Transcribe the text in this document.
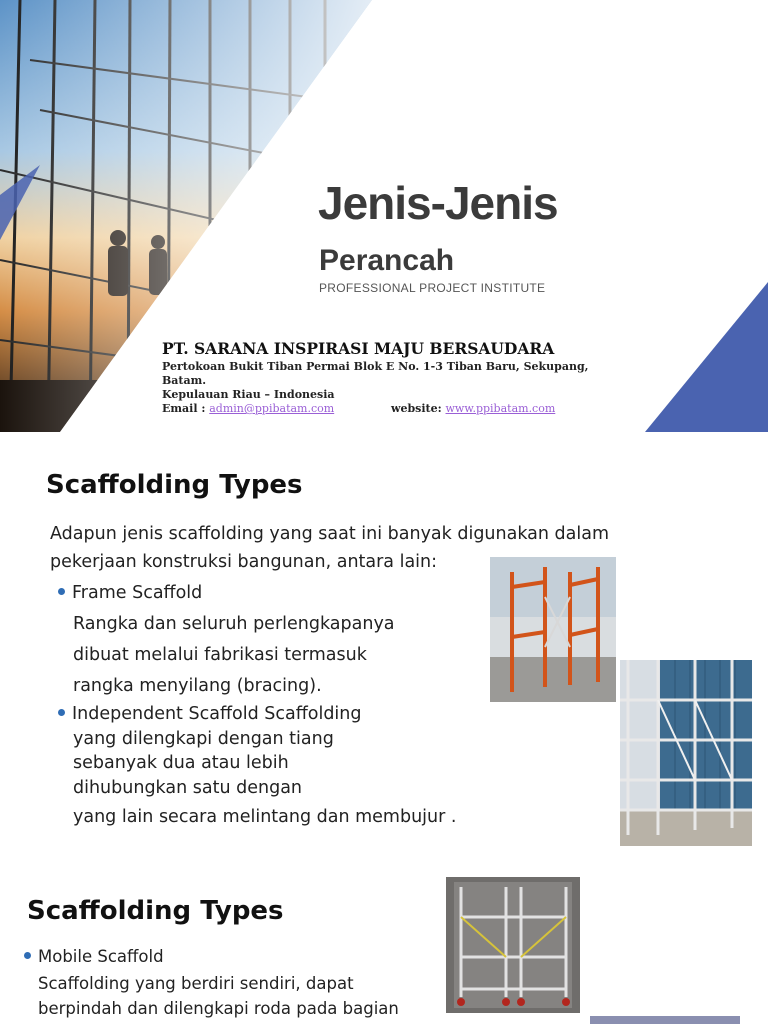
Jenis-Jenis
Perancah
PROFESSIONAL PROJECT INSTITUTE
PT. SARANA INSPIRASI MAJU BERSAUDARA
Pertokoan Bukit Tiban Permai Blok E No. 1-3 Tiban Baru, Sekupang, Batam.
Kepulauan Riau – Indonesia
Email : admin@ppibatam.com	website: www.ppibatam.com
Scaffolding Types
Adapun jenis scaffolding yang saat ini banyak digunakan dalam
pekerjaan konstruksi bangunan, antara lain:
Frame Scaffold
Rangka dan seluruh perlengkapanya
dibuat melalui fabrikasi termasuk
rangka menyilang (bracing).
Independent Scaffold Scaffolding
yang dilengkapi dengan tiang
sebanyak dua atau lebih
dihubungkan satu dengan
yang lain secara melintang dan membujur .
Scaffolding Types
Mobile Scaffold
Scaffolding yang berdiri sendiri, dapat
berpindah dan dilengkapi roda pada bagian
